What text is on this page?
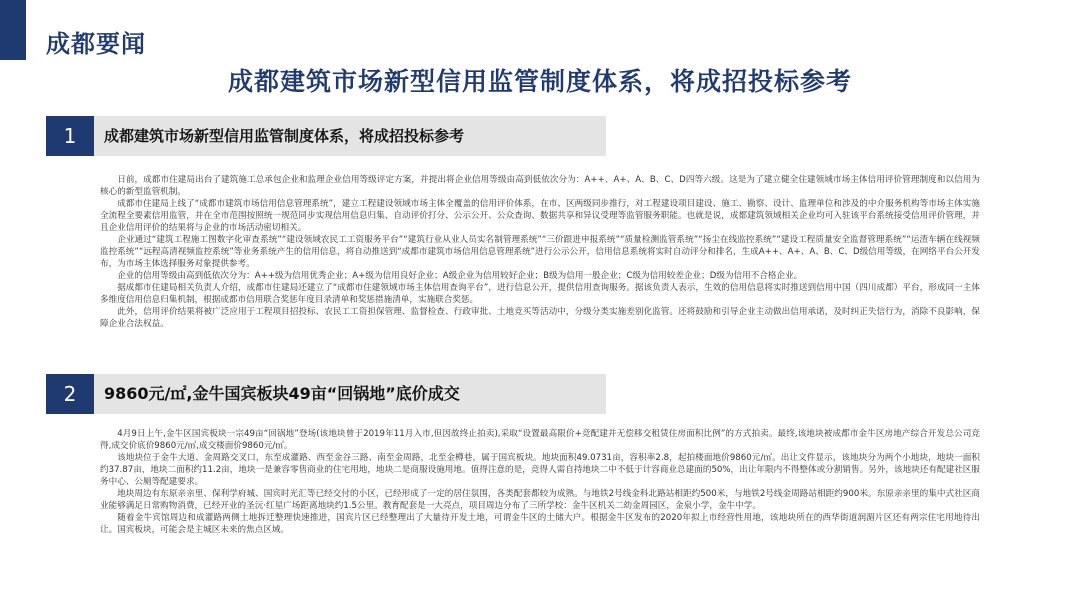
成都要闻
成都建筑市场新型信用监管制度体系，将成招投标参考
1	成都建筑市场新型信用监管制度体系，将成招投标参考

日前，成都市住建局出台了建筑施工总承包企业和监理企业信用等级评定方案，并提出将企业信用等级由高到低依次分为：A++、A+、A、B、C、D四等六级。这是为了建立健全住建领域市场主体信用评价管理制度和以信用为核心的新型监管机制。

成都市住建局上线了“成都市建筑市场信用信息管理系统”，建立工程建设领域市场主体全覆盖的信用评价体系，在市、区两级同步推行，对工程建设项目建设、施工、勘察、设计、监理单位和涉及的中介服务机构等市场主体实施全流程全要素信用监管，并在全市范围按照统一规范同步实现信用信息归集、自动评价打分、公示公开、公众查询、数据共享和异议受理等监管服务职能。也就是说，成都建筑领域相关企业均可入驻该平台系统接受信用评价管理，并且企业信用评价的结果将与企业的市场活动密切相关。

企业通过“建筑工程施工图数字化审查系统”“建设领域农民工工资服务平台”“建筑行业从业人员实名制管理系统”“三价跟进申报系统”“质量检测监管系统”“扬尘在线监控系统”“建设工程质量安全监督管理系统”“运渣车辆在线视频监控系统”“远程高清视频监控系统”等业务系统产生的信用信息，将自动推送到“成都市建筑市场信用信息管理系统”进行公示公开，信用信息系统将实时自动评分和排名，生成A++、A+、A、B、C、D级信用等级，在网络平台公开发布，为市场主体选择服务对象提供参考。

企业的信用等级由高到低依次分为：A++级为信用优秀企业；A+级为信用良好企业；A级企业为信用较好企业；B级为信用一般企业；C级为信用较差企业；D级为信用不合格企业。

据成都市住建局相关负责人介绍，成都市住建局还建立了“成都市住建领域市场主体信用查询平台”，进行信息公开，提供信用查询服务。据该负责人表示，生效的信用信息将实时推送到信用中国（四川成都）平台，形成同一主体多维度信用信息归集机制，根据成都市信用联合奖惩年度目录清单和奖惩措施清单，实施联合奖惩。

此外，信用评价结果将被广泛应用于工程项目招投标、农民工工资担保管理、监督检查、行政审批、土地竞买等活动中，分级分类实施差别化监管。还将鼓励和引导企业主动做出信用承诺，及时纠正失信行为，消除不良影响，保障企业合法权益。

2	9860元/㎡,金牛国宾板块49亩“回锅地”底价成交

4月9日上午,金牛区国宾板块一宗49亩“回锅地”登场(该地块曾于2019年11月入市,但因故终止拍卖),采取“设置最高限价+竞配建并无偿移交租赁住房面积比例”的方式拍卖。最终,该地块被成都市金牛区房地产综合开发总公司竞得,成交价底价9860元/㎡,成交楼面价9860元/㎡。

该地块位于金牛大道、金周路交叉口，东至成灌路、西至金谷三路、南至金周路，北至金樽巷，属于国宾板块。地块面积49.0731亩，容积率2.8，起拍楼面地价9860元/㎡。出让文件显示，该地块分为两个小地块，地块一面积约37.87亩，地块二面积约11.2亩，地块一是兼容零售商业的住宅用地，地块二是商服设施用地。值得注意的是，竞得人需自持地块二中不低于计容商业总建面的50%，出让年限内不得整体或分割销售。另外，该地块还有配建社区服务中心、公厕等配建要求。

地块周边有东原亲亲里、保利学府城、国宾时光汇等已经交付的小区，已经形成了一定的居住氛围，各类配套都较为成熟。与地铁2号线金科北路站相距约500米，与地铁2号线金周路站相距约900米。东原亲亲里的集中式社区商业能够满足日常购物消费，已经开业的圣沅·红星广场距离地块约1.5公里。教育配套是一大亮点，项目周边分布了三所学校：金牛区机关二幼金周园区，金泉小学，金牛中学。

随着金牛宾馆周边和成灌路两侧土地拆迁整理快速推进，国宾片区已经整理出了大量待开发土地，可谓金牛区的土储大户。根据金牛区发布的2020年拟上市经营性用地，该地块所在的西华街道润湄片区还有两宗住宅用地待出让。国宾板块，可能会是主城区未来的焦点区域。
